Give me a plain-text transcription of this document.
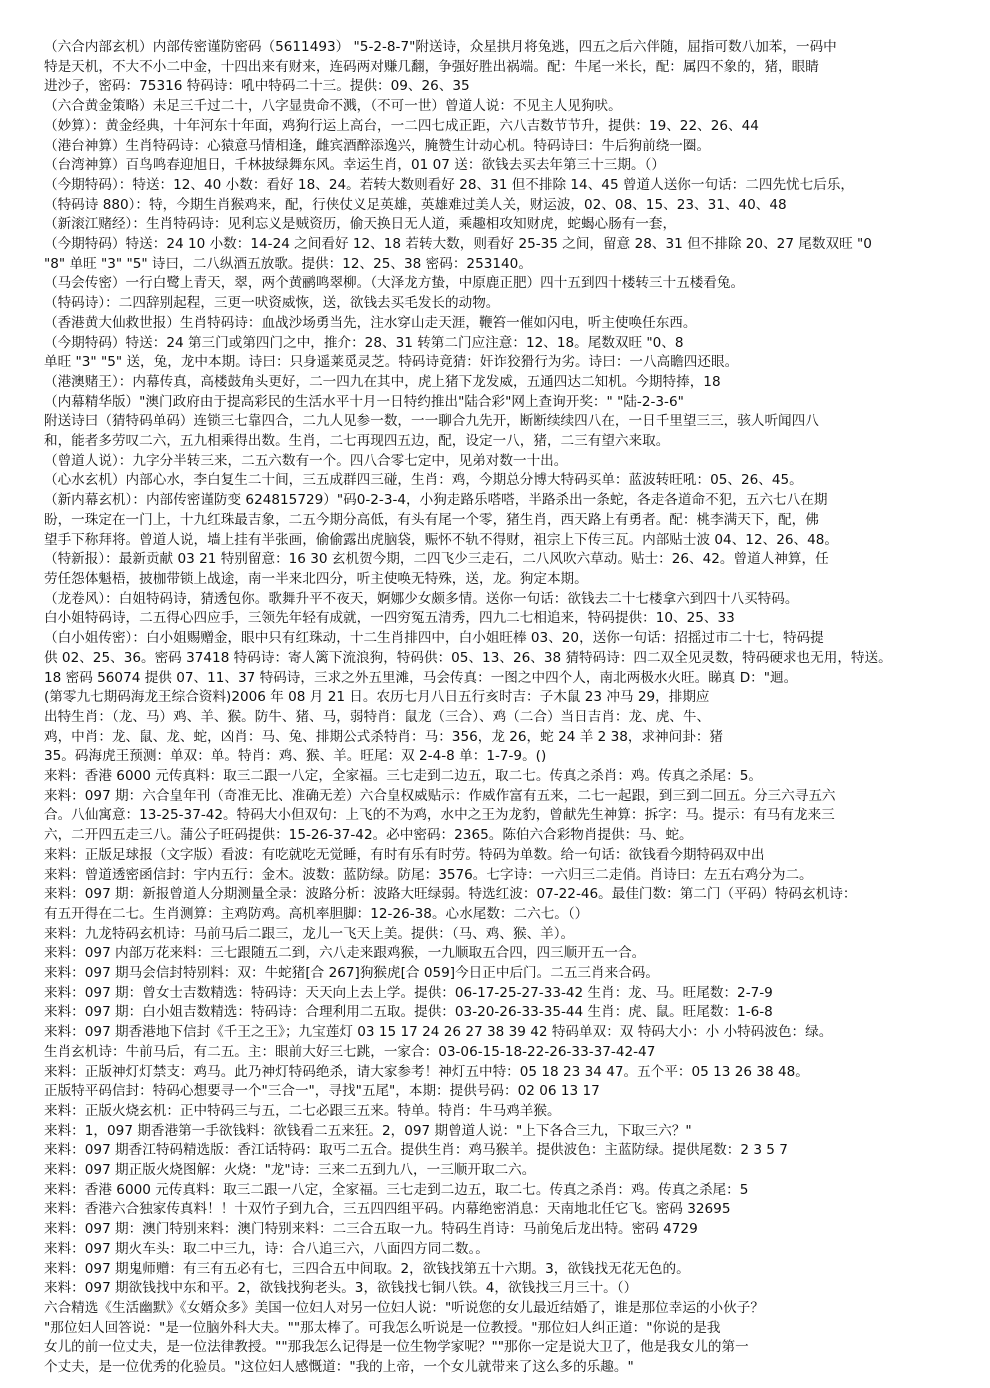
（六合内部玄机）内部传密谨防密码（5611493） "5-2-8-7"附送诗，众星拱月将兔逃，四五之后六伴随，屈指可数八加苯，一码中
特是天机，不大不小二中金，十四出来有财来，连码两对赚几翻，争强好胜出祸端。配：牛尾一米长，配：属四不象的，猪，眼睛
进沙子，密码：75316 特码诗：吼中特码二十三。提供：09、26、35
（六合黄金策略）未足三千过二十，八字显贵命不溅，（不可一世）曾道人说：不见主人见狗吠。
（妙算）：黄金经典，十年河东十年面，鸡狗行运上高台，一二四七成正距，六八吉数节节升，提供：19、22、26、44
（港台神算）生肖特码诗：心猿意马情相逢，雌宾酒醉添逸兴，腌赞生计动心机。特码诗曰：牛后狗前绕一圈。
（台湾神算）百鸟鸣春迎旭日，千林披绿舞东风。幸运生肖，01 07 送：欲钱去买去年第三十三期。（）
（今期特码）：特送：12、40 小数：看好 18、24。若转大数则看好 28、31 但不排除 14、45 曾道人送你一句话：二四先忧七后乐，
（特码诗 880）：特，今期生肖猴鸡来，配，行侠仗义足英雄，英雄难过美人关，财运波，02、08、15、23、31、40、48
（新滚江赌经）：生肖特码诗：见利忘义是贼资历，偷天换日无人道，乘趣相攻知财虎，蛇蝎心肠有一套，
（今期特码）特送：24 10 小数：14-24 之间看好 12、18 若转大数，则看好 25-35 之间，留意 28、31 但不排除 20、27 尾数双旺 "0
"8" 单旺 "3" "5" 诗曰，二八纵酒五放歌。提供：12、25、38 密码：253140。
（马会传密）一行白鹭上青天，翠，两个黄鹂鸣翠柳。（大泽龙方蛰，中原鹿正肥）四十五到四十楼转三十五楼看兔。
（特码诗）：二四辞别起程，三更一吠资威恢，送，欲钱去买毛发长的动物。
（香港黄大仙救世报）生肖特码诗：血战沙场勇当先，注水穿山走天涯，鞭笞一催如闪电，听主使唤任东西。
（今期特码）特送：24 第三门或第四门之中，推介：28、31 转第二门应注意：12、18。尾数双旺 "0、8
单旺 "3" "5" 送，兔，龙中本期。诗曰：只身遥莱觅灵芝。特码诗竟猜：奸诈狡猾行为劣。诗曰：一八高瞻四还眼。
（港澳赌王）：内幕传真，高楼鼓角头更好，二一四九在其中，虎上猪下龙发威，五通四达二知机。今期特捧，18
（内幕精华版）"澳门政府由于提高彩民的生活水平十月一日特约推出"陆合彩"网上查询开奖：" "陆-2-3-6"
附送诗曰（猜特码单码）连锁三七靠四合，二九人见参一数，一一聊合九先开，断断续续四八在，一日千里望三三，骇人听闻四八
和，能者多劳叹二六，五九相乘得出数。生肖，二七再现四五边，配，设定一八，猪，二三有望六来取。
（曾道人说）：九字分半转三来，二五六数有一个。四八合零七定中，见弟对数一十出。
（心水玄机）内部心水，李白复生二十间，三五成群四三碰，生肖：鸡，今期总分博大特码买单：蓝波转旺吼：05、26、45。
（新内幕玄机）：内部传密谨防变 624815729）"码0-2-3-4，小狗走路乐嗒嗒，半路杀出一条蛇，各走各道命不犯，五六七八在期
盼，一珠定在一门上，十九红珠最吉象，二五今期分高低，有头有尾一个零，猪生肖，西天路上有勇者。配：桃李满天下，配，佛
望手下称拜将。曾道人说，墙上挂有半张画，偷偷露出虎脑袋，赈怀不轨不得财，祖宗上下传三瓦。内部贴士波 04、12、26、48。
（特新报）：最新贡献 03 21 特别留意：16 30 玄机贺今期，二四飞少三走石，二八风吹六草动。贴士：26、42。曾道人神算，任
劳任怨体魁梧，披枷带锁上战途，南一半来北四分，听主使唤无特殊，送，龙。狗定本期。
（龙卷风）：白姐特码诗，猜透包你。歌舞升平不夜天，婀娜少女颇多情。送你一句话：欲钱去二十七楼拿六到四十八买特码。
白小姐特码诗，二五得心四应手，三领先年轻有成就，一四穷冤五清秀，四九二七相追来，特码提供：10、25、33
（白小姐传密）：白小姐赐赠金，眼中只有红珠动，十二生肖排四中，白小姐旺棒 03、20，送你一句话：招摇过市二十七，特码提
供 02、25、36。密码 37418 特码诗：寄人篱下流浪狗，特码供：05、13、26、38 猜特码诗：四二双全见灵数，特码硬求也无用，特送。
18 密码 56074 提供 07、11、37 特码诗，三求之外五里滩，马会传真：一图之中四个人，南北两极水火旺。睇真 D："迴。
(第零九七期码海龙王综合资料)2006 年 08 月 21 日。农历七月八日五行亥时吉：子木鼠 23 冲马 29，排期应
出特生肖：（龙、马）鸡、羊、猴。防牛、猪、马，弱特肖：鼠龙（三合）、鸡（二合）当日吉肖：龙、虎、牛、
鸡，中肖：龙、鼠、龙、蛇，凶肖：马、兔、排期公式杀特肖：马：356，龙 26，蛇 24 羊 2 38，求神问卦：猪
35。码海虎王预测：单双：单。特肖：鸡、猴、羊。旺尾：双 2-4-8 单：1-7-9。()
来料：香港 6000 元传真料：取三二跟一八定，全家福。三七走到二边五，取二七。传真之杀肖：鸡。传真之杀尾：5。
来料：097 期：六合皇年刊（奇准无比、准确无差）六合皇权威贴示：作威作富有五来，二七一起跟，到三到二回五。分三六寻五六
合。八仙寓意：13-25-37-42。特码大小但双句：上飞的不为鸡，水中之王为龙豹，曾献先生神算：拆字：马。提示：有马有龙来三
六，二开四五走三八。蒲公子旺码提供：15-26-37-42。必中密码：2365。陈伯六合彩物肖提供：马、蛇。
来料：正版足球报（文字版）看波：有吃就吃无觉睡，有时有乐有时劳。特码为单数。给一句话：欲钱看今期特码双中出
来料：曾道透密函信封：宇内五行：金木。波数：蓝防绿。防尾：3576。七字诗：一六归三二走俏。肖诗曰：左五右鸡分为二。
来料：097 期：新报曾道人分期测量全录：波路分析：波路大旺绿弱。特选红波：07-22-46。最佳门数：第二门（平码）特码玄机诗：
有五开得在二七。生肖测算：主鸡防鸡。高机率胆脚：12-26-38。心水尾数：二六七。（）
来料：九龙特码玄机诗：马前马后二跟三，龙儿一飞天上美。提供：（马、鸡、猴、羊）。
来料：097 内部万花来料：三七跟随五二到，六八走来跟鸡猴，一九顺取五合四，四三顺开五一合。
来料：097 期马会信封特别料：双：牛蛇猪[合 267]狗猴虎[合 059]今日正中后门。二五三肖来合码。
来料：097 期：曾女士吉数精选：特码诗：天天向上去上学。提供：06-17-25-27-33-42 生肖：龙、马。旺尾数：2-7-9
来料：097 期：白小姐吉数精选：特码诗：合理利用二五取。提供：03-20-26-33-35-44 生肖：虎、鼠。旺尾数：1-6-8
来料：097 期香港地下信封《千王之王》；九宝莲灯 03 15 17 24 26 27 38 39 42 特码单双：双 特码大小：小 小特码波色：绿。
生肖玄机诗：牛前马后，有二五。主：眼前大好三七跳，一家合：03-06-15-18-22-26-33-37-42-47
来料：正版神灯灯禁支：鸡马。此乃神灯特码绝杀，请大家参考！神灯五中特：05 18 23 34 47。五个平：05 13 26 38 48。
正版特平码信封：特码心想要寻一个"三合一"，寻找"五尾"，本期：提供号码：02 06 13 17
来料：正版火烧玄机：正中特码三与五，二七必跟三五来。特单。特肖：牛马鸡羊猴。
来料：1，097 期香港第一手欲钱料：欲钱看二五来狂。2，097 期曾道人说："上下各合三九，下取三六？"
来料：097 期香江特码精选版：香江话特码：取丐二五合。提供生肖：鸡马猴羊。提供波色：主蓝防绿。提供尾数：2 3 5 7
来料：097 期正版火烧图解：火烧："龙"诗：三来二五到九八，一三顺开取二六。
来料：香港 6000 元传真料：取三二跟一八定，全家福。三七走到二边五，取二七。传真之杀肖：鸡。传真之杀尾：5
来料：香港六合独家传真料！！十双竹子到九合，三五四四组平码。内幕绝密消息：天南地北任它飞。密码 32695
来料：097 期：澳门特别来料：澳门特别来料：二三合五取一九。特码生肖诗：马前兔后龙出特。密码 4729
来料：097 期火车头：取二中三九，诗：合八追三六，八面四方同二数。。
来料：097 期鬼师赠：有三有五必有七，三四合五中间取。2，欲钱找第五十六期。3，欲钱找无花无色的。
来料：097 期欲钱找中东和平。2，欲钱找狗老头。3，欲钱找七铜八铁。4，欲钱找三月三十。（）
六合精选《生活幽默》《女婿众多》美国一位妇人对另一位妇人说："听说您的女儿最近结婚了，谁是那位幸运的小伙子？
"那位妇人回答说："是一位脑外科大夫。""那太棒了。可我怎么听说是一位教授。"那位妇人纠正道："你说的是我
女儿的前一位丈夫，是一位法律教授。""那我怎么记得是一位生物学家呢？""那你一定是说大卫了，他是我女儿的第一
个丈夫，是一位优秀的化验员。"这位妇人感慨道："我的上帝，一个女儿就带来了这么多的乐趣。"
